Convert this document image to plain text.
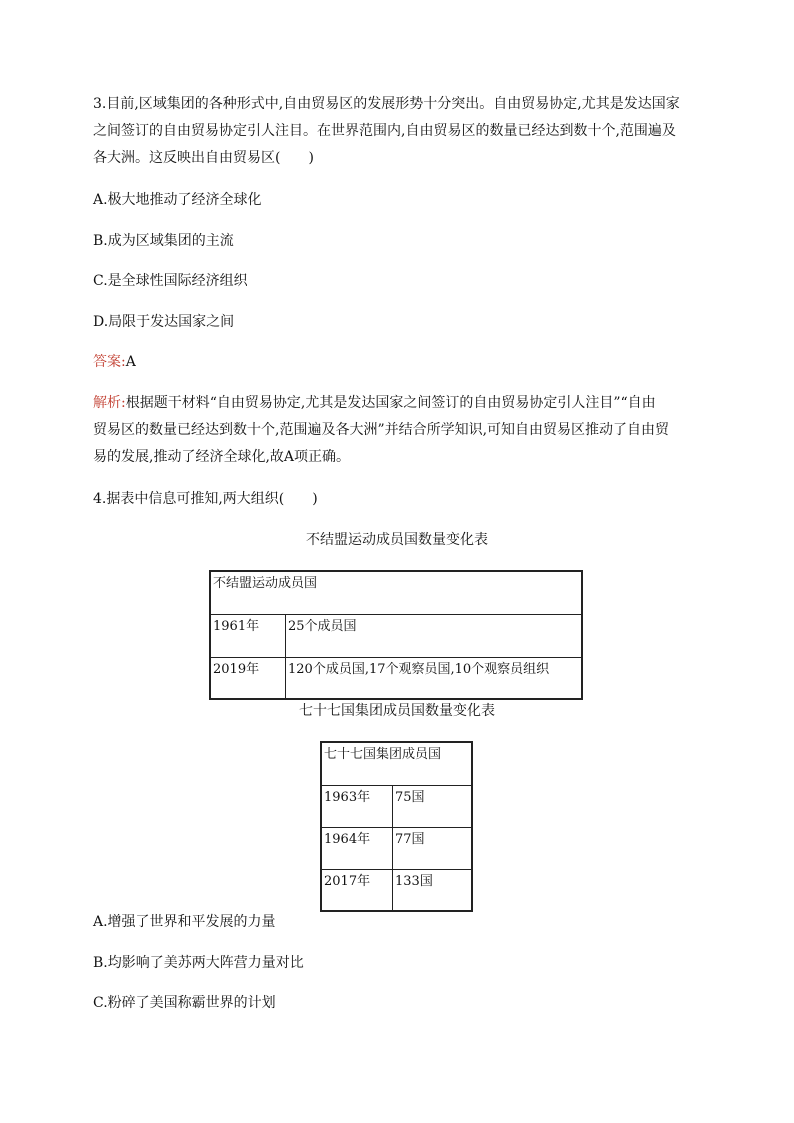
3.目前,区域集团的各种形式中,自由贸易区的发展形势十分突出。自由贸易协定,尤其是发达国家
之间签订的自由贸易协定引人注目。在世界范围内,自由贸易区的数量已经达到数十个,范围遍及
各大洲。这反映出自由贸易区(　　)

A.极大地推动了经济全球化

B.成为区域集团的主流

C.是全球性国际经济组织

D.局限于发达国家之间

答案:A

解析:根据题干材料“自由贸易协定,尤其是发达国家之间签订的自由贸易协定引人注目”“自由
贸易区的数量已经达到数十个,范围遍及各大洲”并结合所学知识,可知自由贸易区推动了自由贸
易的发展,推动了经济全球化,故A项正确。

4.据表中信息可推知,两大组织(　　)

不结盟运动成员国数量变化表
不结盟运动成员国	
1961年	25个成员国
2019年	120个成员国,17个观察员国,10个观察员组织
七十七国集团成员国数量变化表
七十七国集团成员国	
1963年	75国
1964年	77国
2017年	133国

A.增强了世界和平发展的力量

B.均影响了美苏两大阵营力量对比

C.粉碎了美国称霸世界的计划
